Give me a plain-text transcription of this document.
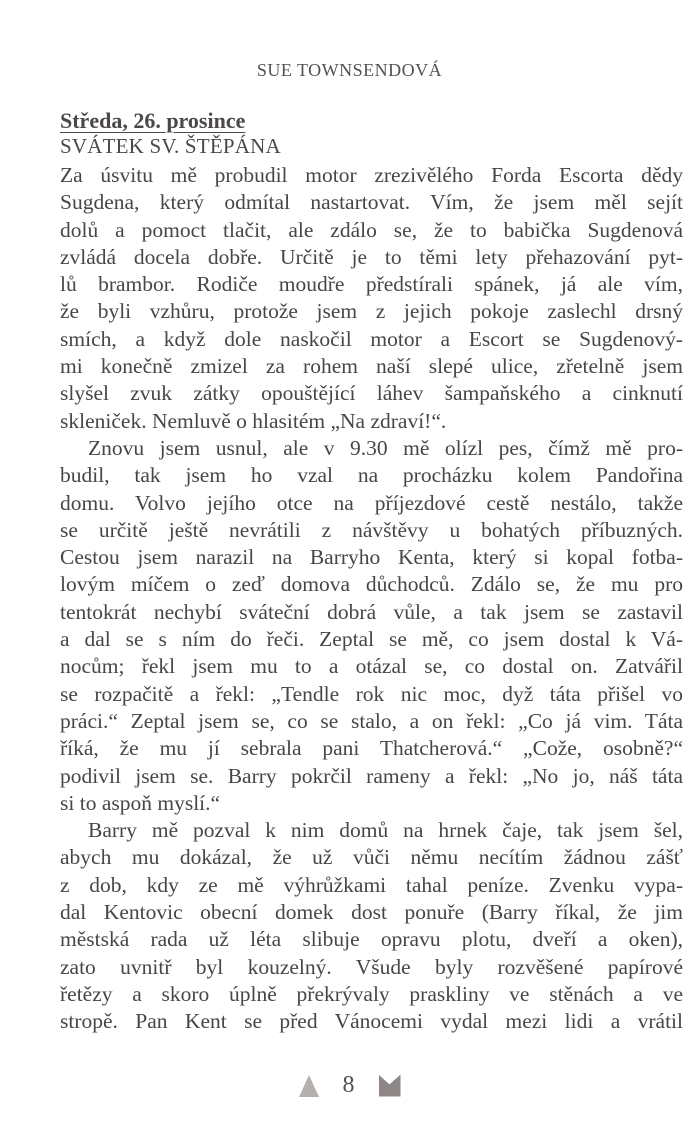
SUE TOWNSENDOVÁ
Středa, 26. prosince
SVÁTEK SV. ŠTĚPÁNA
Za úsvitu mě probudil motor zrezivělého Forda Escorta dědy
Sugdena, který odmítal nastartovat. Vím, že jsem měl sejít
dolů a pomoct tlačit, ale zdálo se, že to babička Sugdenová
zvládá docela dobře. Určitě je to těmi lety přehazování pyt-
lů brambor. Rodiče moudře předstírali spánek, já ale vím,
že byli vzhůru, protože jsem z jejich pokoje zaslechl drsný
smích, a když dole naskočil motor a Escort se Sugdenový-
mi konečně zmizel za rohem naší slepé ulice, zřetelně jsem
slyšel zvuk zátky opouštějící láhev šampaňského a cinknutí
skleniček. Nemluvě o hlasitém „Na zdraví!“.
Znovu jsem usnul, ale v 9.30 mě olízl pes, čímž mě pro-
budil, tak jsem ho vzal na procházku kolem Pandořina
domu. Volvo jejího otce na příjezdové cestě nestálo, takže
se určitě ještě nevrátili z návštěvy u bohatých příbuzných.
Cestou jsem narazil na Barryho Kenta, který si kopal fotba-
lovým míčem o zeď domova důchodců. Zdálo se, že mu pro
tentokrát nechybí sváteční dobrá vůle, a tak jsem se zastavil
a dal se s ním do řeči. Zeptal se mě, co jsem dostal k Vá-
nocům; řekl jsem mu to a otázal se, co dostal on. Zatvářil
se rozpačitě a řekl: „Tendle rok nic moc, dyž táta přišel vo
práci.“ Zeptal jsem se, co se stalo, a on řekl: „Co já vim. Táta
říká, že mu jí sebrala pani Thatcherová.“ „Cože, osobně?“
podivil jsem se. Barry pokrčil rameny a řekl: „No jo, náš táta
si to aspoň myslí.“
Barry mě pozval k nim domů na hrnek čaje, tak jsem šel,
abych mu dokázal, že už vůči němu necítím žádnou zášť
z dob, kdy ze mě výhrůžkami tahal peníze. Zvenku vypa-
dal Kentovic obecní domek dost ponuře (Barry říkal, že jim
městská rada už léta slibuje opravu plotu, dveří a oken),
zato uvnitř byl kouzelný. Všude byly rozvěšené papírové
řetězy a skoro úplně překrývaly praskliny ve stěnách a ve
stropě. Pan Kent se před Vánocemi vydal mezi lidi a vrátil
8
